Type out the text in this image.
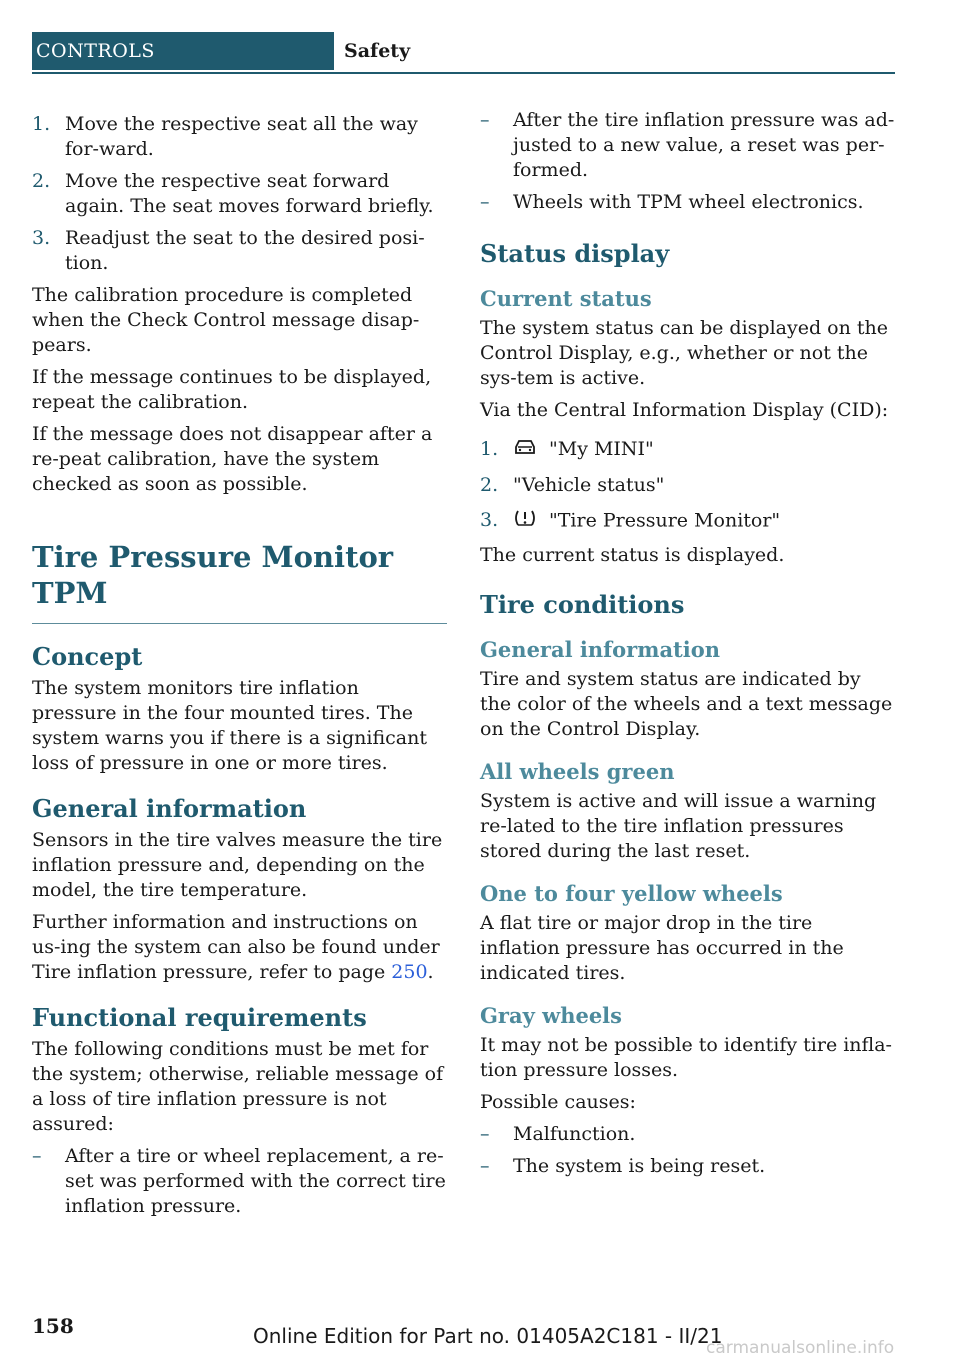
CONTROLS	Safety
1. Move the respective seat all the way for-ward.
2. Move the respective seat forward again. The seat moves forward briefly.
3. Readjust the seat to the desired posi-tion.

The calibration procedure is completed when the Check Control message disap-pears.

If the message continues to be displayed, repeat the calibration.

If the message does not disappear after a re-peat calibration, have the system checked as soon as possible.

Tire Pressure Monitor TPM
Concept

The system monitors tire inflation pressure in the four mounted tires. The system warns you if there is a significant loss of pressure in one or more tires.

General information

Sensors in the tire valves measure the tire inflation pressure and, depending on the model, the tire temperature.

Further information and instructions on us-ing the system can also be found under Tire inflation pressure, refer to page 250.

Functional requirements

The following conditions must be met for the system; otherwise, reliable message of a loss of tire inflation pressure is not assured:

– After a tire or wheel replacement, a re-set was performed with the correct tire inflation pressure.
– After the tire inflation pressure was ad-justed to a new value, a reset was per-formed.
– Wheels with TPM wheel electronics.
Status display
Current status

The system status can be displayed on the Control Display, e.g., whether or not the sys-tem is active.

Via the Central Information Display (CID):

1.	"My MINI"
2. "Vehicle status"
3.	"Tire Pressure Monitor"

The current status is displayed.

Tire conditions
General information

Tire and system status are indicated by the color of the wheels and a text message on the Control Display.

All wheels green

System is active and will issue a warning re-lated to the tire inflation pressures stored during the last reset.

One to four yellow wheels

A flat tire or major drop in the tire inflation pressure has occurred in the indicated tires.

Gray wheels

It may not be possible to identify tire infla-tion pressure losses.

Possible causes:

– Malfunction.
– The system is being reset.
158	Online Edition for Part no. 01405A2C181 - II/21
carmanualsonline.info
